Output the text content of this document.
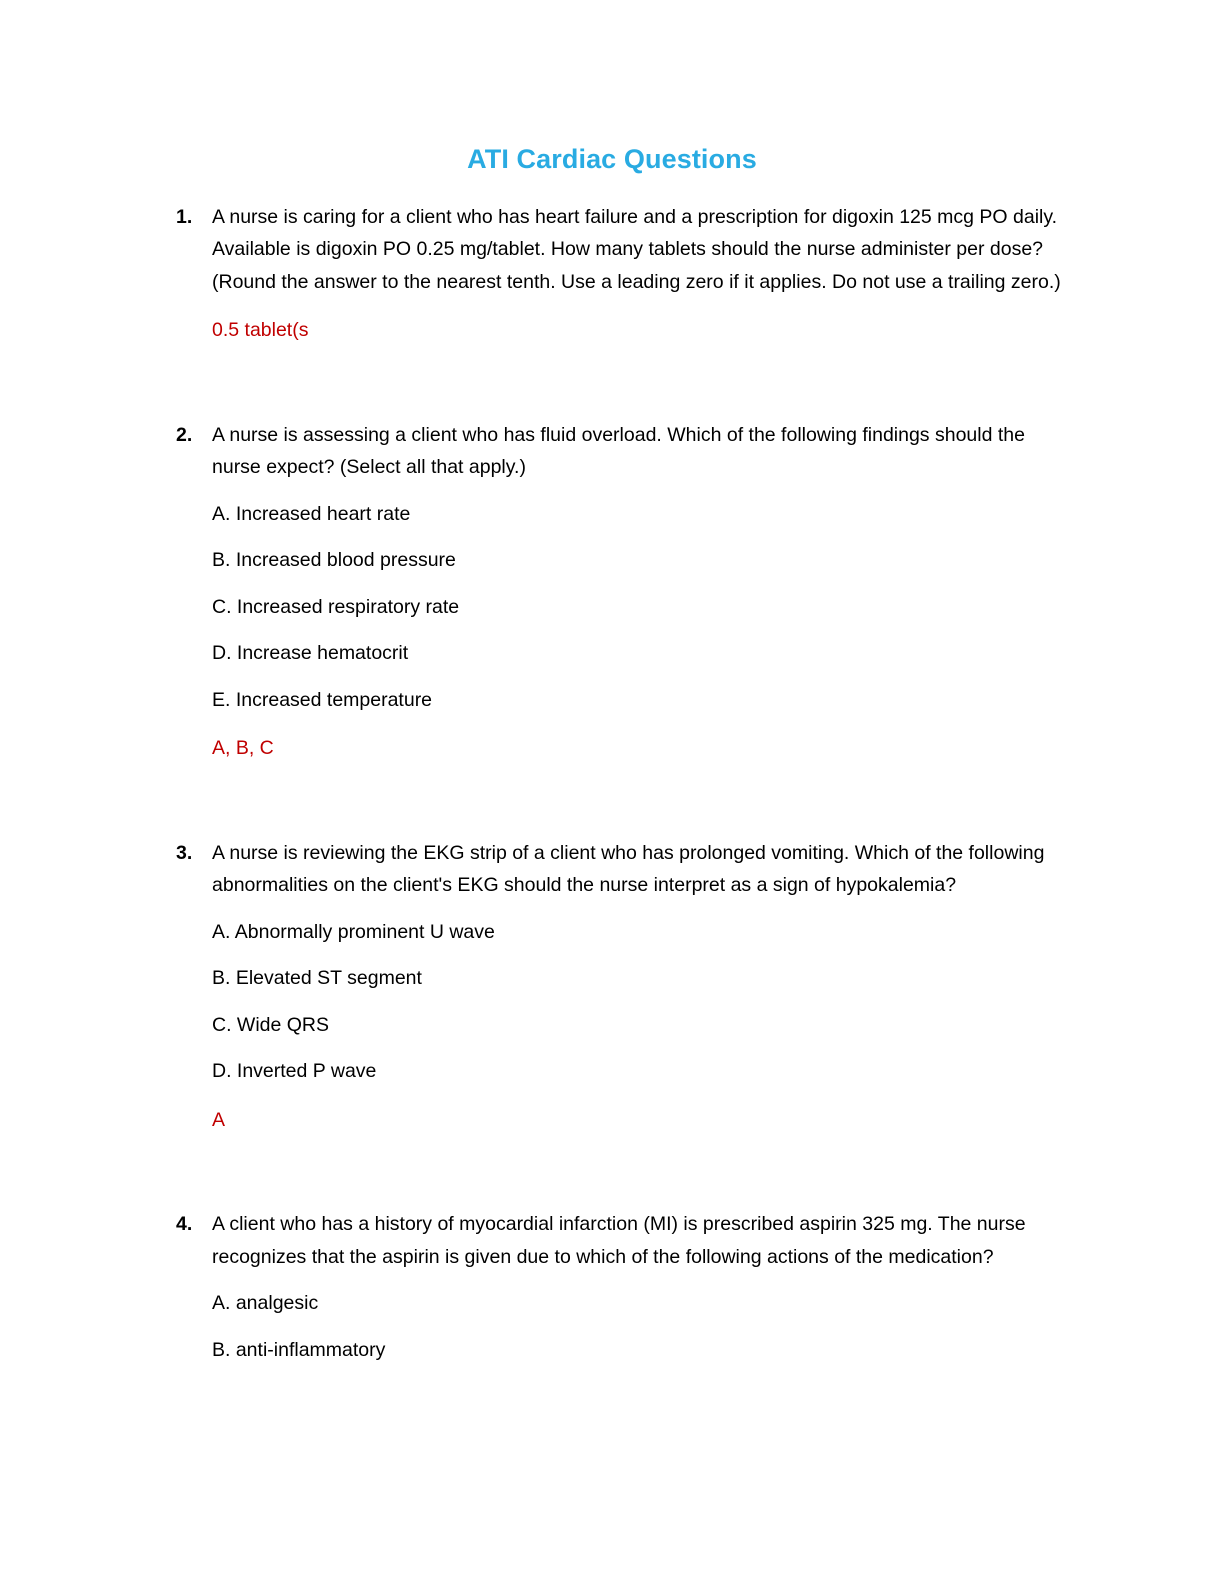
ATI Cardiac Questions
1. A nurse is caring for a client who has heart failure and a prescription for digoxin 125 mcg PO daily. Available is digoxin PO 0.25 mg/tablet. How many tablets should the nurse administer per dose? (Round the answer to the nearest tenth. Use a leading zero if it applies. Do not use a trailing zero.)

0.5 tablet(s
2. A nurse is assessing a client who has fluid overload. Which of the following findings should the nurse expect? (Select all that apply.)

A. Increased heart rate
B. Increased blood pressure
C. Increased respiratory rate
D. Increase hematocrit
E. Increased temperature
A, B, C
3. A nurse is reviewing the EKG strip of a client who has prolonged vomiting. Which of the following abnormalities on the client's EKG should the nurse interpret as a sign of hypokalemia?

A. Abnormally prominent U wave
B. Elevated ST segment
C. Wide QRS
D. Inverted P wave
A
4. A client who has a history of myocardial infarction (MI) is prescribed aspirin 325 mg. The nurse recognizes that the aspirin is given due to which of the following actions of the medication?

A. analgesic
B. anti-inflammatory
